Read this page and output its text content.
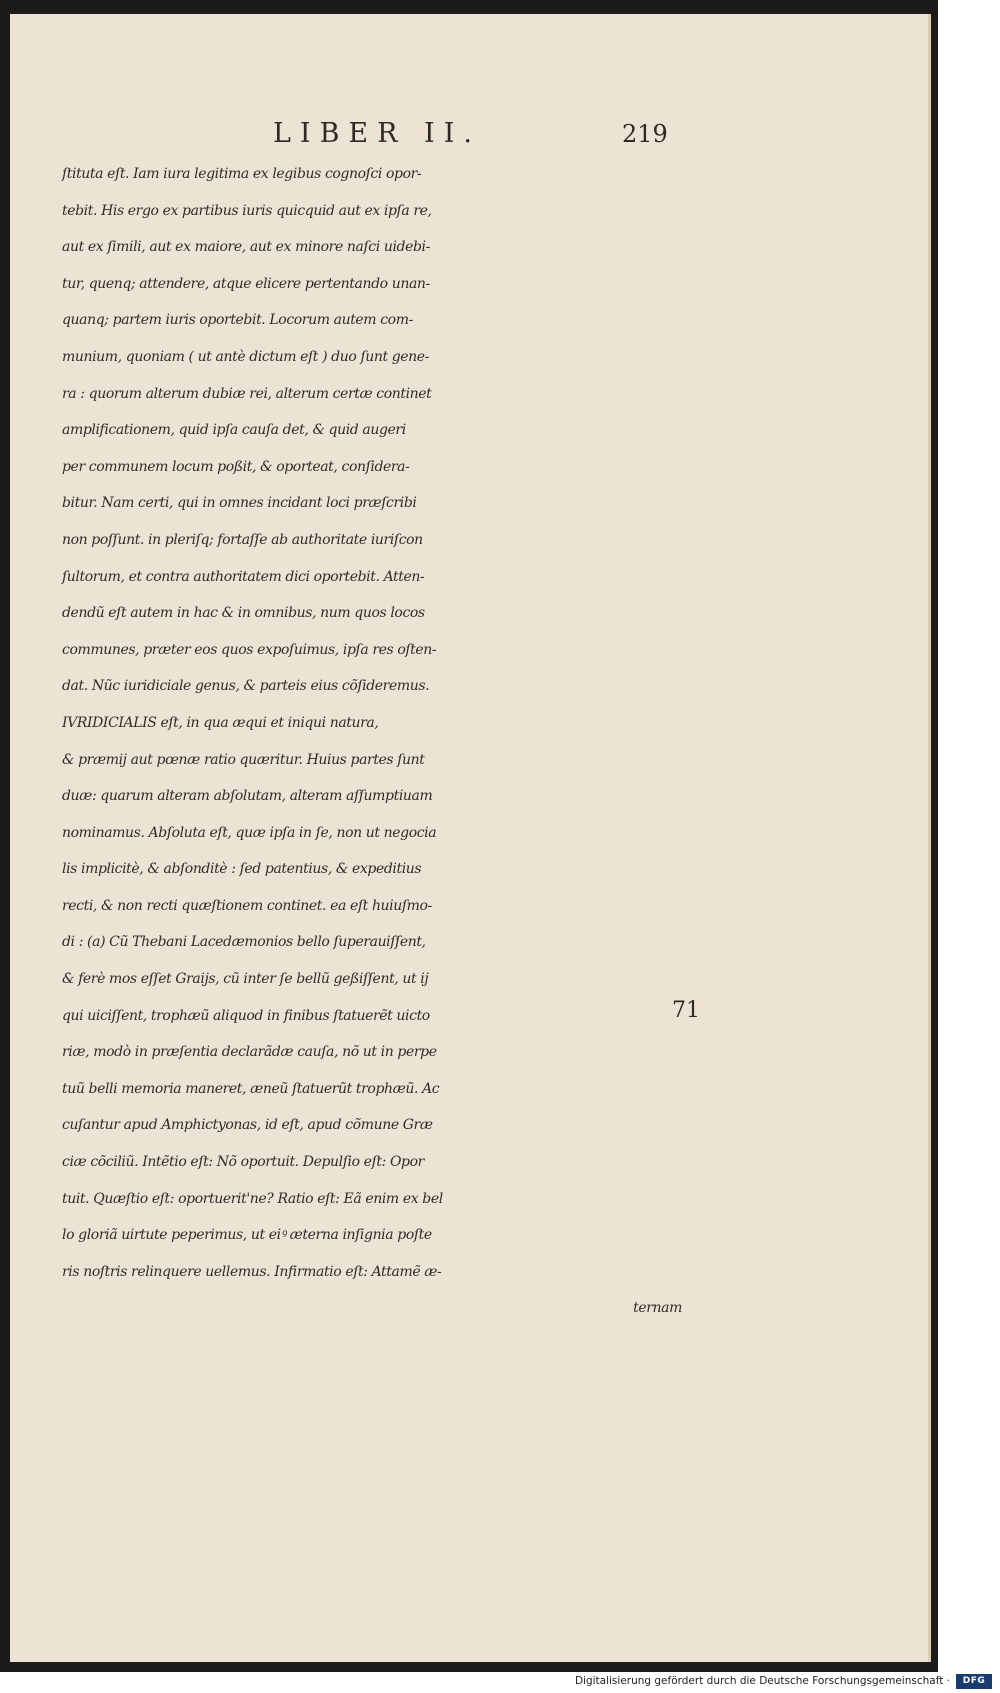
LIBER II.	219
ſtituta eſt. Iam iura legitima ex legibus cognoſci opor-
tebit. His ergo ex partibus iuris quicquid aut ex ipſa re,
aut ex ſimili, aut ex maiore, aut ex minore naſci uidebi-
tur, quenq; attendere, atque elicere pertentando unan-
quanq; partem iuris oportebit. Locorum autem com-
munium, quoniam ( ut antè dictum eſt ) duo ſunt gene-
ra : quorum alterum dubiæ rei, alterum certæ continet
amplificationem, quid ipſa cauſa det, & quid augeri
per communem locum poßit, & oporteat, conſidera-
bitur. Nam certi, qui in omnes incidant loci præſcribi
non poſſunt. in pleriſq; fortaſſe ab authoritate iuriſcon
ſultorum, et contra authoritatem dici oportebit. Atten-
dendũ eſt autem in hac & in omnibus, num quos locos
communes, præter eos quos expoſuimus, ipſa res oſten-
dat. Nũc iuridiciale genus, & parteis eius cõſideremus.
IVRIDICIALIS eſt, in qua æqui et iniqui natura,
& præmij aut pœnæ ratio quæritur. Huius partes ſunt
duæ: quarum alteram abſolutam, alteram aſſumptiuam
nominamus. Abſoluta eſt, quæ ipſa in ſe, non ut negocia
lis implicitè, & abſonditè : ſed patentius, & expeditius
recti, & non recti quæſtionem continet. ea eſt huiuſmo-
di : (a) Cũ Thebani Lacedæmonios bello ſuperauiſſent,
& ferè mos eſſet Graijs, cũ inter ſe bellũ geßiſſent, ut ij
qui uiciſſent, trophæũ aliquod in finibus ſtatuerẽt uicto
riæ, modò in præſentia declarãdæ cauſa, nõ ut in perpe
tuũ belli memoria maneret, æneũ ſtatuerũt trophæũ. Ac
cuſantur apud Amphictyonas, id eſt, apud cõmune Græ
ciæ cõciliũ. Intẽtio eſt: Nõ oportuit. Depulſio eſt: Opor
tuit. Quæſtio eſt: oportuerit'ne? Ratio eſt: Eã enim ex bel
lo gloriã uirtute peperimus, ut eiꝰ æterna inſignia poſte
ris noſtris relinquere uellemus. Infirmatio eſt: Attamẽ æ-
ternam
71
Digitalisierung gefördert durch die Deutsche Forschungsgemeinschaft ·	DFG
